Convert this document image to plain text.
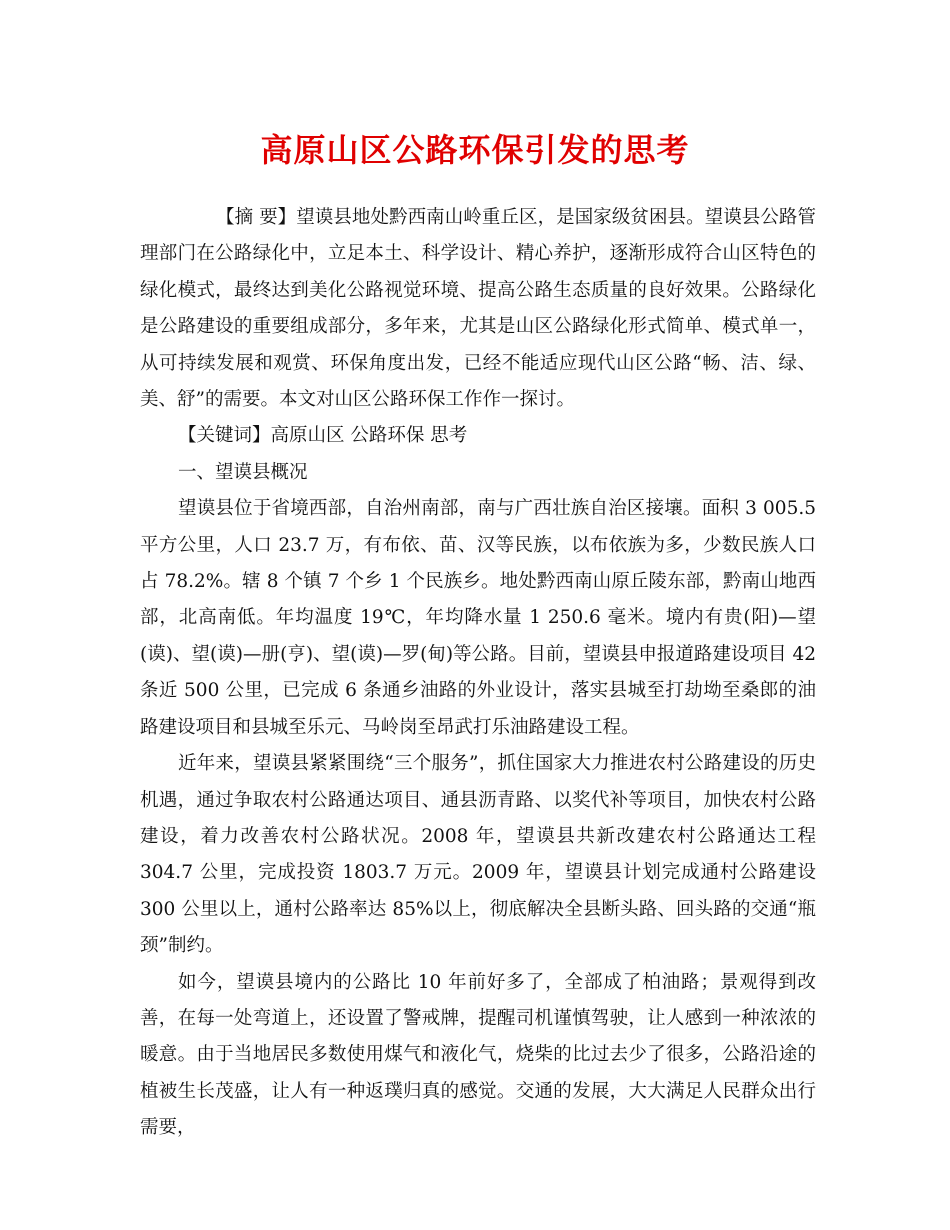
高原山区公路环保引发的思考

【摘 要】望谟县地处黔西南山岭重丘区，是国家级贫困县。望谟县公路管理部门在公路绿化中，立足本土、科学设计、精心养护，逐渐形成符合山区特色的绿化模式，最终达到美化公路视觉环境、提高公路生态质量的良好效果。公路绿化是公路建设的重要组成部分，多年来，尤其是山区公路绿化形式简单、模式单一，从可持续发展和观赏、环保角度出发，已经不能适应现代山区公路“畅、洁、绿、美、舒”的需要。本文对山区公路环保工作作一探讨。

【关键词】高原山区 公路环保 思考

一、望谟县概况

望谟县位于省境西部，自治州南部，南与广西壮族自治区接壤。面积 3 005.5 平方公里，人口 23.7 万，有布依、苗、汉等民族，以布依族为多，少数民族人口占 78.2%。辖 8 个镇 7 个乡 1 个民族乡。地处黔西南山原丘陵东部，黔南山地西部，北高南低。年均温度 19℃，年均降水量 1 250.6 毫米。境内有贵(阳)—望(谟)、望(谟)—册(亨)、望(谟)—罗(甸)等公路。目前，望谟县申报道路建设项目 42 条近 500 公里，已完成 6 条通乡油路的外业设计，落实县城至打劫坳至桑郎的油路建设项目和县城至乐元、马岭岗至昂武打乐油路建设工程。

近年来，望谟县紧紧围绕“三个服务”，抓住国家大力推进农村公路建设的历史机遇，通过争取农村公路通达项目、通县沥青路、以奖代补等项目，加快农村公路建设，着力改善农村公路状况。2008 年，望谟县共新改建农村公路通达工程 304.7 公里，完成投资 1803.7 万元。2009 年，望谟县计划完成通村公路建设 300 公里以上，通村公路率达 85%以上，彻底解决全县断头路、回头路的交通“瓶颈”制约。

如今，望谟县境内的公路比 10 年前好多了，全部成了柏油路；景观得到改善，在每一处弯道上，还设置了警戒牌，提醒司机谨慎驾驶，让人感到一种浓浓的暖意。由于当地居民多数使用煤气和液化气，烧柴的比过去少了很多，公路沿途的植被生长茂盛，让人有一种返璞归真的感觉。交通的发展，大大满足人民群众出行需要，
